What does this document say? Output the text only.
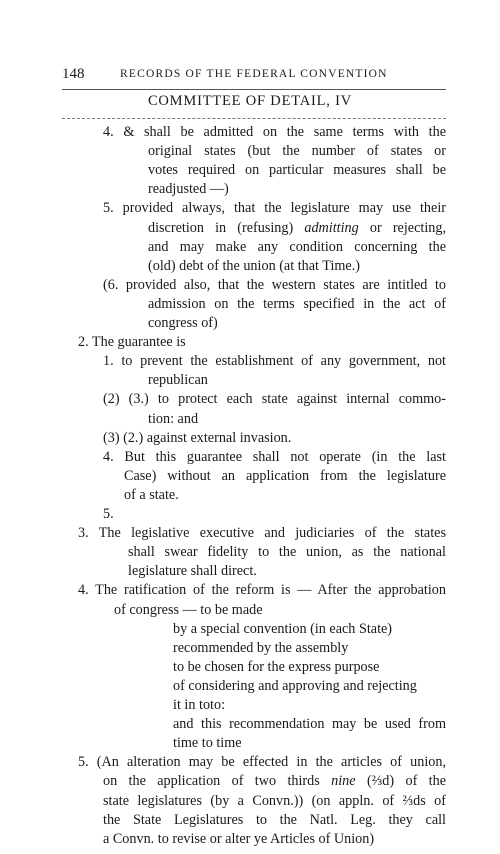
148	RECORDS OF THE FEDERAL CONVENTION
COMMITTEE OF DETAIL, IV
4. & shall be admitted on the same terms with the
original states (but the number of states or
votes required on particular measures shall be
readjusted —)
5. provided always, that the legislature may use their
discretion in (refusing) admitting or rejecting,
and may make any condition concerning the
(old) debt of the union (at that Time.)
(6. provided also, that the western states are intitled to
admission on the terms specified in the act of
congress of)
2. The guarantee is
1. to prevent the establishment of any government, not
republican
(2) (3.) to protect each state against internal commo-
tion: and
(3) (2.) against external invasion.
4. But this guarantee shall not operate (in the last
Case) without an application from the legislature
of a state.
5.
3. The legislative executive and judiciaries of the states
shall swear fidelity to the union, as the national
legislature shall direct.
4. The ratification of the reform is — After the approbation
of congress — to be made
by a special convention (in each State)
recommended by the assembly
to be chosen for the express purpose
of considering and approving and rejecting
it in toto:
and this recommendation may be used from
time to time
5. (An alteration may be effected in the articles of union,
on the application of two thirds nine (⅔d) of the
state legislatures (by a Convn.)) (on appln. of ⅔ds of
the State Legislatures to the Natl. Leg. they call
a Convn. to revise or alter ye Articles of Union)
